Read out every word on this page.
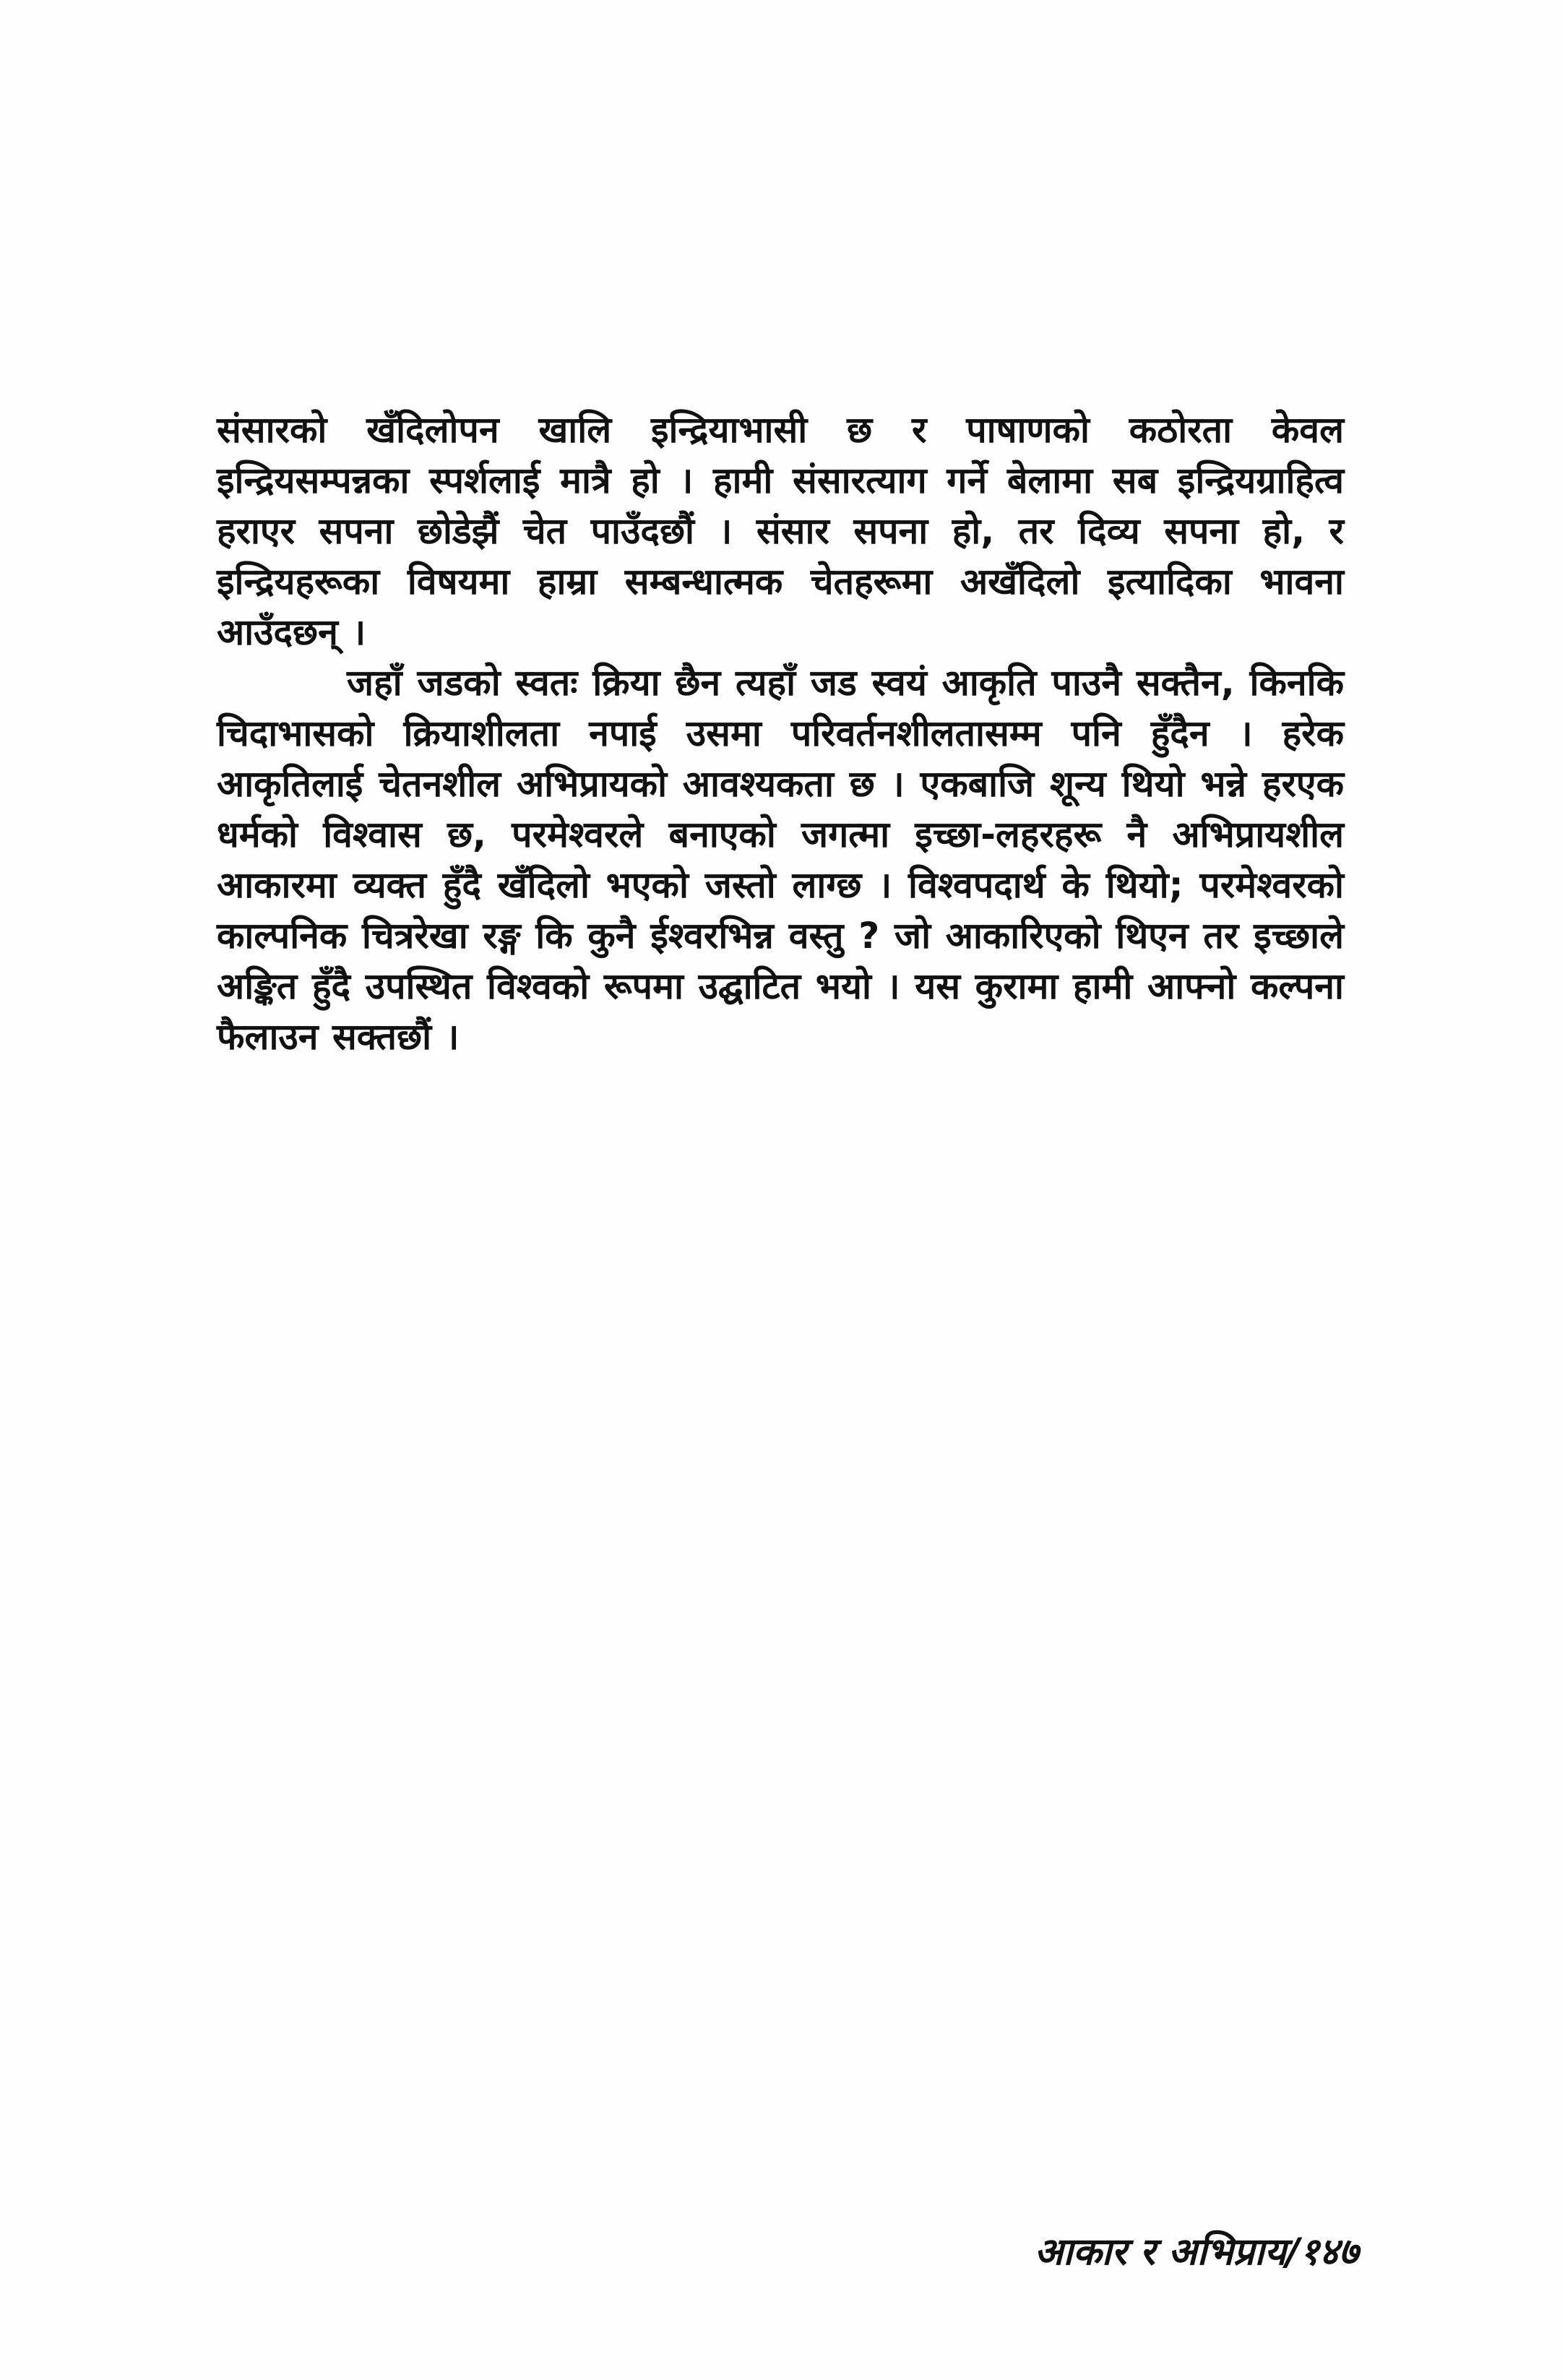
संसारको खँदिलोपन खालि इन्द्रियाभासी छ र पाषाणको कठोरता केवल इन्द्रियसम्पन्नका स्पर्शलाई मात्रै हो । हामी संसारत्याग गर्ने बेलामा सब इन्द्रियग्राहित्व हराएर सपना छोडेझैं चेत पाउँदछौं । संसार सपना हो, तर दिव्य सपना हो, र इन्द्रियहरूका विषयमा हाम्रा सम्बन्धात्मक चेतहरूमा अखँदिलो इत्यादिका भावना आउँदछन् ।

जहाँ जडको स्वतः क्रिया छैन त्यहाँ जड स्वयं आकृति पाउनै सक्तैन, किनकि चिदाभासको क्रियाशीलता नपाई उसमा परिवर्तनशीलतासम्म पनि हुँदैन । हरेक आकृतिलाई चेतनशील अभिप्रायको आवश्यकता छ । एकबाजि शून्य थियो भन्ने हरएक धर्मको विश्वास छ, परमेश्वरले बनाएको जगत्मा इच्छा-लहरहरू नै अभिप्रायशील आकारमा व्यक्त हुँदै खँदिलो भएको जस्तो लाग्छ । विश्वपदार्थ के थियो; परमेश्वरको काल्पनिक चित्ररेखा रङ्ग कि कुनै ईश्वरभिन्न वस्तु ? जो आकारिएको थिएन तर इच्छाले अङ्कित हुँदै उपस्थित विश्वको रूपमा उद्घाटित भयो । यस कुरामा हामी आफ्नो कल्पना फैलाउन सक्तछौं ।

आकार र अभिप्राय/१४७
